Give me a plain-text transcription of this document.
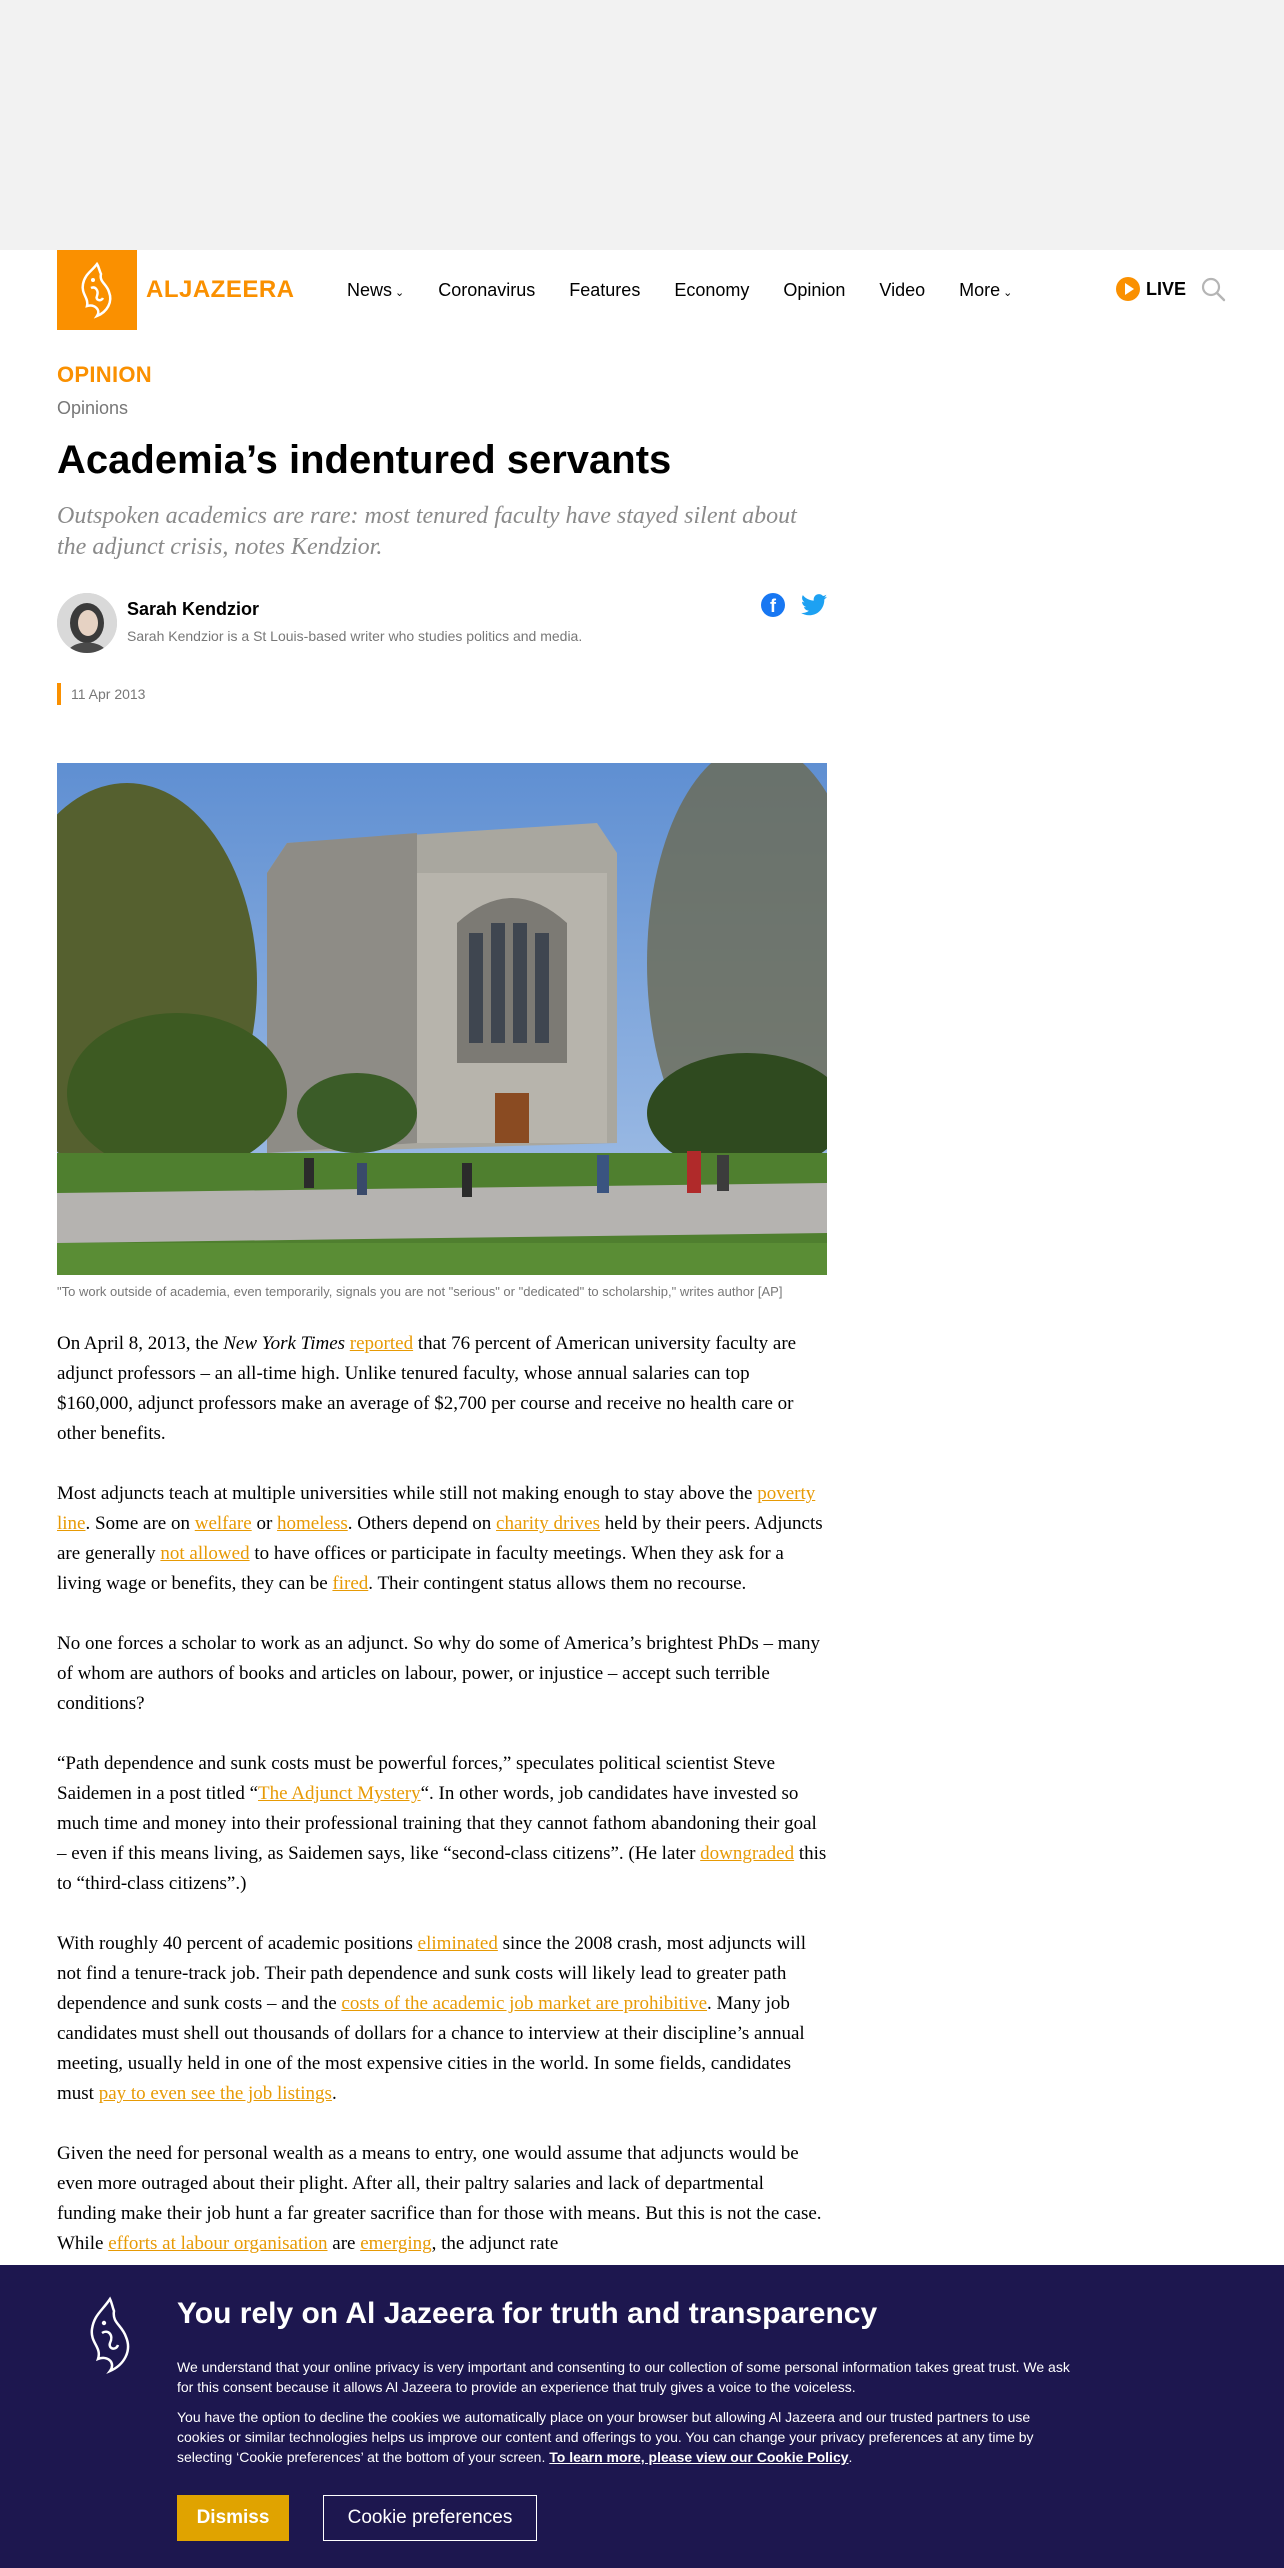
ALJAZEERA	News ⌄ Coronavirus Features Economy Opinion Video More ⌄	LIVE
OPINION
Opinions
Academia’s indentured servants

Outspoken academics are rare: most tenured faculty have stayed silent about the adjunct crisis, notes Kendzior.

Sarah Kendzior
Sarah Kendzior is a St Louis-based writer who studies politics and media.
f
11 Apr 2013
"To work outside of academia, even temporarily, signals you are not "serious" or "dedicated" to scholarship," writes author [AP]

On April 8, 2013, the New York Times reported that 76 percent of American university faculty are adjunct professors – an all-time high. Unlike tenured faculty, whose annual salaries can top $160,000, adjunct professors make an average of $2,700 per course and receive no health care or other benefits.

Most adjuncts teach at multiple universities while still not making enough to stay above the poverty line. Some are on welfare or homeless. Others depend on charity drives held by their peers. Adjuncts are generally not allowed to have offices or participate in faculty meetings. When they ask for a living wage or benefits, they can be fired. Their contingent status allows them no recourse.

No one forces a scholar to work as an adjunct. So why do some of America’s brightest PhDs – many of whom are authors of books and articles on labour, power, or injustice – accept such terrible conditions?

“Path dependence and sunk costs must be powerful forces,” speculates political scientist Steve Saidemen in a post titled “The Adjunct Mystery“. In other words, job candidates have invested so much time and money into their professional training that they cannot fathom abandoning their goal – even if this means living, as Saidemen says, like “second-class citizens”. (He later downgraded this to “third-class citizens”.)

With roughly 40 percent of academic positions eliminated since the 2008 crash, most adjuncts will not find a tenure-track job. Their path dependence and sunk costs will likely lead to greater path dependence and sunk costs – and the costs of the academic job market are prohibitive. Many job candidates must shell out thousands of dollars for a chance to interview at their discipline’s annual meeting, usually held in one of the most expensive cities in the world. In some fields, candidates must pay to even see the job listings.

Given the need for personal wealth as a means to entry, one would assume that adjuncts would be even more outraged about their plight. After all, their paltry salaries and lack of departmental funding make their job hunt a far greater sacrifice than for those with means. But this is not the case. While efforts at labour organisation are emerging, the adjunct rate

You rely on Al Jazeera for truth and transparency

We understand that your online privacy is very important and consenting to our collection of some personal information takes great trust. We ask for this consent because it allows Al Jazeera to provide an experience that truly gives a voice to the voiceless.

You have the option to decline the cookies we automatically place on your browser but allowing Al Jazeera and our trusted partners to use cookies or similar technologies helps us improve our content and offerings to you. You can change your privacy preferences at any time by selecting ‘Cookie preferences’ at the bottom of your screen. To learn more, please view our Cookie Policy.

Dismiss	Cookie preferences
